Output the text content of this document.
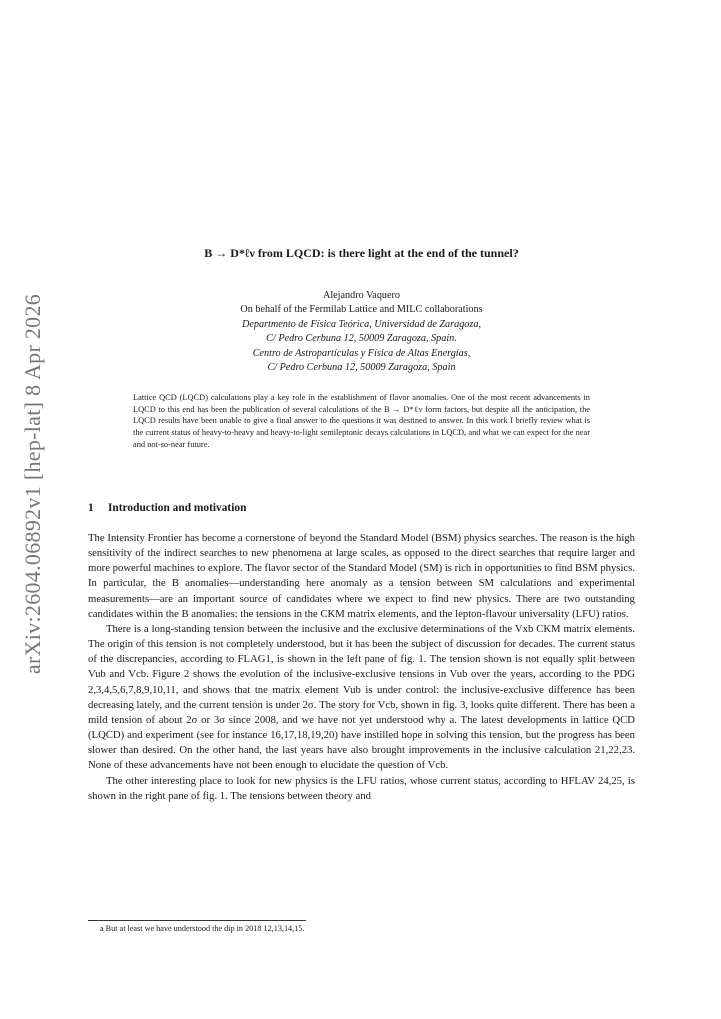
arXiv:2604.06892v1 [hep-lat] 8 Apr 2026
B → D*ℓν from LQCD: is there light at the end of the tunnel?
Alejandro Vaquero
On behalf of the Fermilab Lattice and MILC collaborations
Departmento de Física Teórica, Universidad de Zaragoza,
C/ Pedro Cerbuna 12, 50009 Zaragoza, Spain.
Centro de Astropartículas y Física de Altas Energías,
C/ Pedro Cerbuna 12, 50009 Zaragoza, Spain
Lattice QCD (LQCD) calculations play a key role in the establishment of flavor anomalies. One of the most recent advancements in LQCD to this end has been the publication of several calculations of the B → D*ℓν form factors, but despite all the anticipation, the LQCD results have been unable to give a final answer to the questions it was destined to answer. In this work I briefly review what is the current status of heavy-to-heavy and heavy-to-light semileptonic decays calculations in LQCD, and what we can expect for the near and not-so-near future.
1 Introduction and motivation

The Intensity Frontier has become a cornerstone of beyond the Standard Model (BSM) physics searches. The reason is the high sensitivity of the indirect searches to new phenomena at large scales, as opposed to the direct searches that require larger and more powerful machines to explore. The flavor sector of the Standard Model (SM) is rich in opportunities to find BSM physics. In particular, the B anomalies—understanding here anomaly as a tension between SM calculations and experimental measurements—are an important source of candidates where we expect to find new physics. There are two outstanding candidates within the B anomalies: the tensions in the CKM matrix elements, and the lepton-flavour universality (LFU) ratios.

There is a long-standing tension between the inclusive and the exclusive determinations of the Vxb CKM matrix elements. The origin of this tension is not completely understood, but it has been the subject of discussion for decades. The current status of the discrepancies, according to FLAG1, is shown in the left pane of fig. 1. The tension shown is not equally split between Vub and Vcb. Figure 2 shows the evolution of the inclusive-exclusive tensions in Vub over the years, according to the PDG 2,3,4,5,6,7,8,9,10,11, and shows that tne matrix element Vub is under control: the inclusive-exclusive difference has been decreasing lately, and the current tension is under 2σ. The story for Vcb, shown in fig. 3, looks quite different. There has been a mild tension of about 2σ or 3σ since 2008, and we have not yet understood why a. The latest developments in lattice QCD (LQCD) and experiment (see for instance 16,17,18,19,20) have instilled hope in solving this tension, but the progress has been slower than desired. On the other hand, the last years have also brought improvements in the inclusive calculation 21,22,23. None of these advancements have not been enough to elucidate the question of Vcb.

The other interesting place to look for new physics is the LFU ratios, whose current status, according to HFLAV 24,25, is shown in the right pane of fig. 1. The tensions between theory and

a But at least we have understood the dip in 2018 12,13,14,15.
